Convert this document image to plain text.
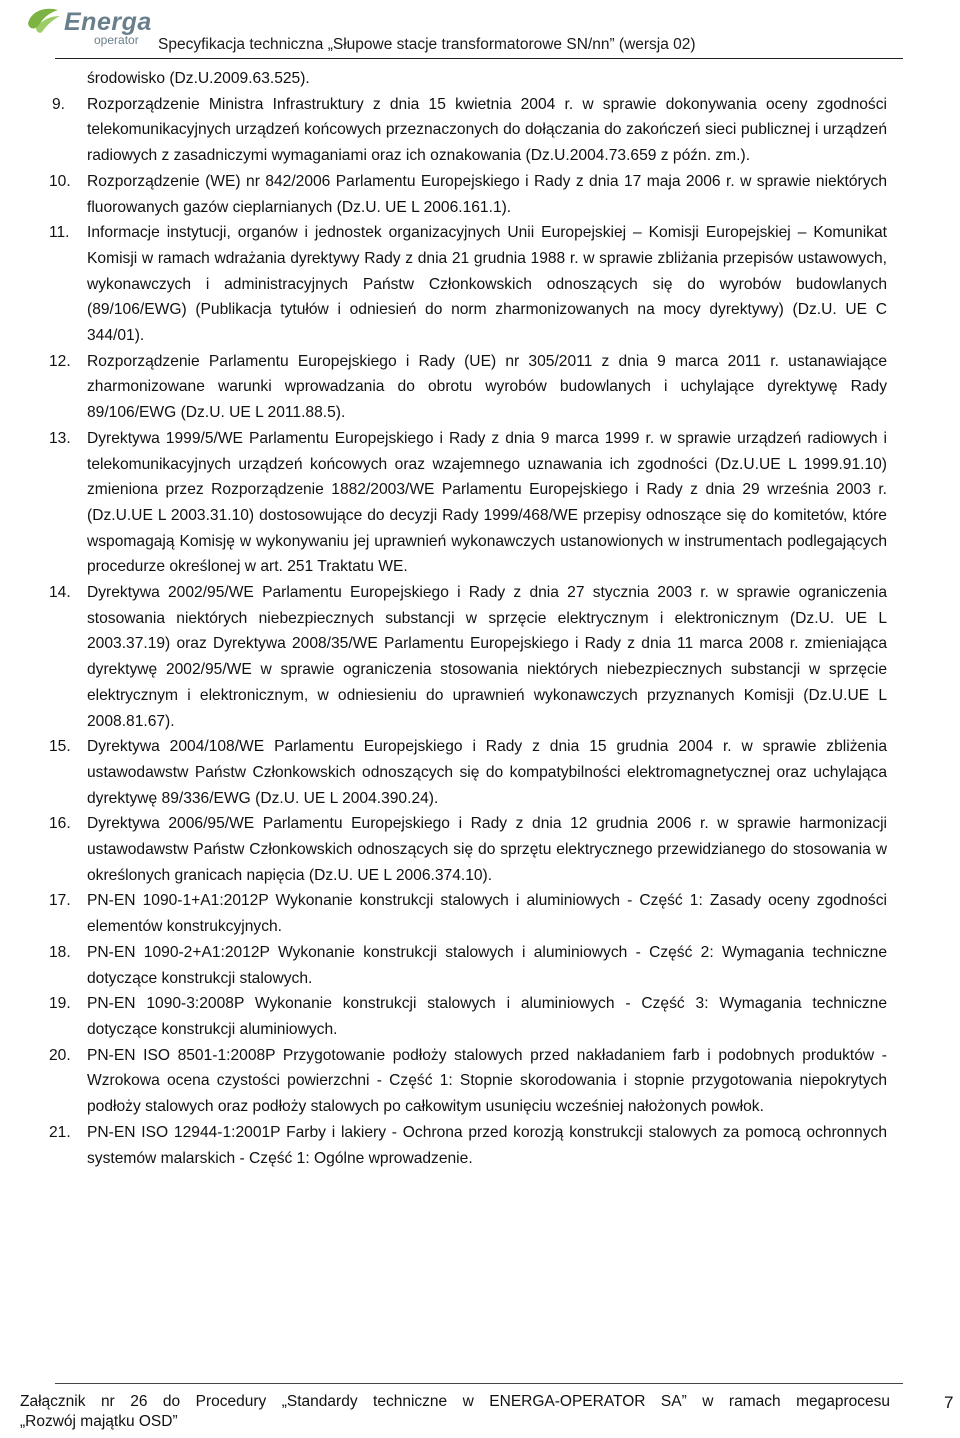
Energa
operator Specyfikacja techniczna „Słupowe stacje transformatorowe SN/nn” (wersja 02)
środowisko (Dz.U.2009.63.525).
9.	Rozporządzenie Ministra Infrastruktury z dnia 15 kwietnia 2004 r. w sprawie dokonywania oceny zgodności telekomunikacyjnych urządzeń końcowych przeznaczonych do dołączania do zakończeń sieci publicznej i urządzeń radiowych z zasadniczymi wymaganiami oraz ich oznakowania (Dz.U.2004.73.659 z późn. zm.).
10.	Rozporządzenie (WE) nr 842/2006 Parlamentu Europejskiego i Rady z dnia 17 maja 2006 r. w sprawie niektórych fluorowanych gazów cieplarnianych (Dz.U. UE L 2006.161.1).
11.	Informacje instytucji, organów i jednostek organizacyjnych Unii Europejskiej – Komisji Europejskiej – Komunikat Komisji w ramach wdrażania dyrektywy Rady z dnia 21 grudnia 1988 r. w sprawie zbliżania przepisów ustawowych, wykonawczych i administracyjnych Państw Członkowskich odnoszących się do wyrobów budowlanych (89/106/EWG) (Publikacja tytułów i odniesień do norm zharmonizowanych na mocy dyrektywy) (Dz.U. UE C 344/01).
12.	Rozporządzenie Parlamentu Europejskiego i Rady (UE) nr 305/2011 z dnia 9 marca 2011 r. ustanawiające zharmonizowane warunki wprowadzania do obrotu wyrobów budowlanych i uchylające dyrektywę Rady 89/106/EWG (Dz.U. UE L 2011.88.5).
13.	Dyrektywa 1999/5/WE Parlamentu Europejskiego i Rady z dnia 9 marca 1999 r. w sprawie urządzeń radiowych i telekomunikacyjnych urządzeń końcowych oraz wzajemnego uznawania ich zgodności (Dz.U.UE L 1999.91.10) zmieniona przez Rozporządzenie 1882/2003/WE Parlamentu Europejskiego i Rady z dnia 29 września 2003 r. (Dz.U.UE L 2003.31.10) dostosowujące do decyzji Rady 1999/468/WE przepisy odnoszące się do komitetów, które wspomagają Komisję w wykonywaniu jej uprawnień wykonawczych ustanowionych w instrumentach podlegających procedurze określonej w art. 251 Traktatu WE.
14.	Dyrektywa 2002/95/WE Parlamentu Europejskiego i Rady z dnia 27 stycznia 2003 r. w sprawie ograniczenia stosowania niektórych niebezpiecznych substancji w sprzęcie elektrycznym i elektronicznym (Dz.U. UE L 2003.37.19) oraz Dyrektywa 2008/35/WE Parlamentu Europejskiego i Rady z dnia 11 marca 2008 r. zmieniająca dyrektywę 2002/95/WE w sprawie ograniczenia stosowania niektórych niebezpiecznych substancji w sprzęcie elektrycznym i elektronicznym, w odniesieniu do uprawnień wykonawczych przyznanych Komisji (Dz.U.UE L 2008.81.67).
15.	Dyrektywa 2004/108/WE Parlamentu Europejskiego i Rady z dnia 15 grudnia 2004 r. w sprawie zbliżenia ustawodawstw Państw Członkowskich odnoszących się do kompatybilności elektromagnetycznej oraz uchylająca dyrektywę 89/336/EWG (Dz.U. UE L 2004.390.24).
16.	Dyrektywa 2006/95/WE Parlamentu Europejskiego i Rady z dnia 12 grudnia 2006 r. w sprawie harmonizacji ustawodawstw Państw Członkowskich odnoszących się do sprzętu elektrycznego przewidzianego do stosowania w określonych granicach napięcia (Dz.U. UE L 2006.374.10).
17.	PN-EN 1090-1+A1:2012P Wykonanie konstrukcji stalowych i aluminiowych - Część 1: Zasady oceny zgodności elementów konstrukcyjnych.
18.	PN-EN 1090-2+A1:2012P Wykonanie konstrukcji stalowych i aluminiowych - Część 2: Wymagania techniczne dotyczące konstrukcji stalowych.
19.	PN-EN 1090-3:2008P Wykonanie konstrukcji stalowych i aluminiowych - Część 3: Wymagania techniczne dotyczące konstrukcji aluminiowych.
20.	PN-EN ISO 8501-1:2008P Przygotowanie podłoży stalowych przed nakładaniem farb i podobnych produktów - Wzrokowa ocena czystości powierzchni - Część 1: Stopnie skorodowania i stopnie przygotowania niepokrytych podłoży stalowych oraz podłoży stalowych po całkowitym usunięciu wcześniej nałożonych powłok.
21.	PN-EN ISO 12944-1:2001P Farby i lakiery - Ochrona przed korozją konstrukcji stalowych za pomocą ochronnych systemów malarskich - Część 1: Ogólne wprowadzenie.
Załącznik nr 26 do Procedury „Standardy techniczne w ENERGA-OPERATOR SA” w ramach megaprocesu
„Rozwój majątku OSD”
7
